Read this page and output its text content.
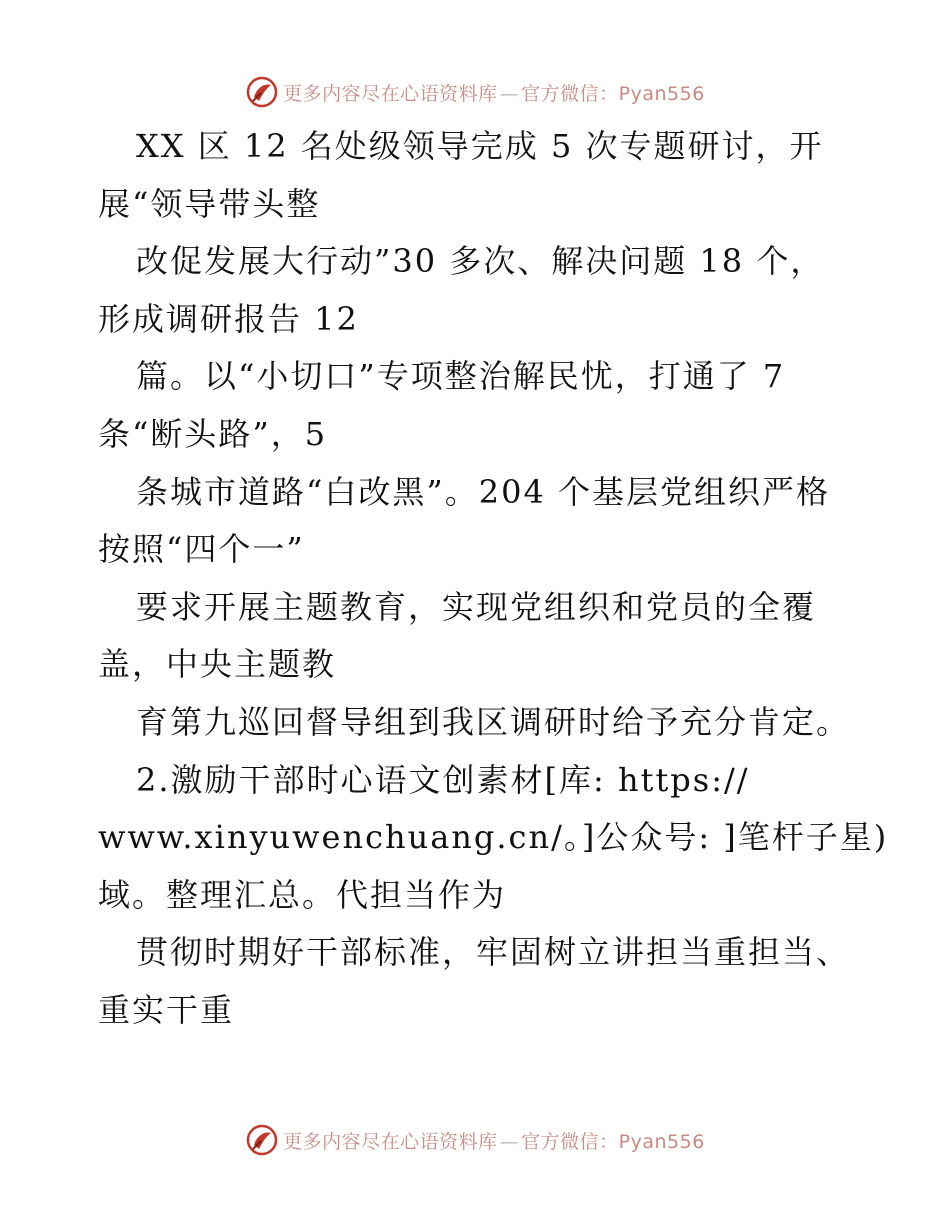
更多内容尽在心语资料库 — 官方微信：Pyan556
XX 区 12 名处级领导完成 5 次专题研讨，开
展“领导带头整
改促发展大行动”30 多次、解决问题 18 个，
形成调研报告 12
篇。以“小切口”专项整治解民忧，打通了 7
条“断头路”，5
条城市道路“白改黑”。204 个基层党组织严格
按照“四个一”
要求开展主题教育，实现党组织和党员的全覆
盖，中央主题教
育第九巡回督导组到我区调研时给予充分肯定。
2.激励干部时心语文创素材[库: https://
www.xinyuwenchuang.cn/。]公众号: ]笔杆子星)
域。整理汇总。代担当作为
贯彻时期好干部标准，牢固树立讲担当重担当、
重实干重
更多内容尽在心语资料库 — 官方微信：Pyan556
